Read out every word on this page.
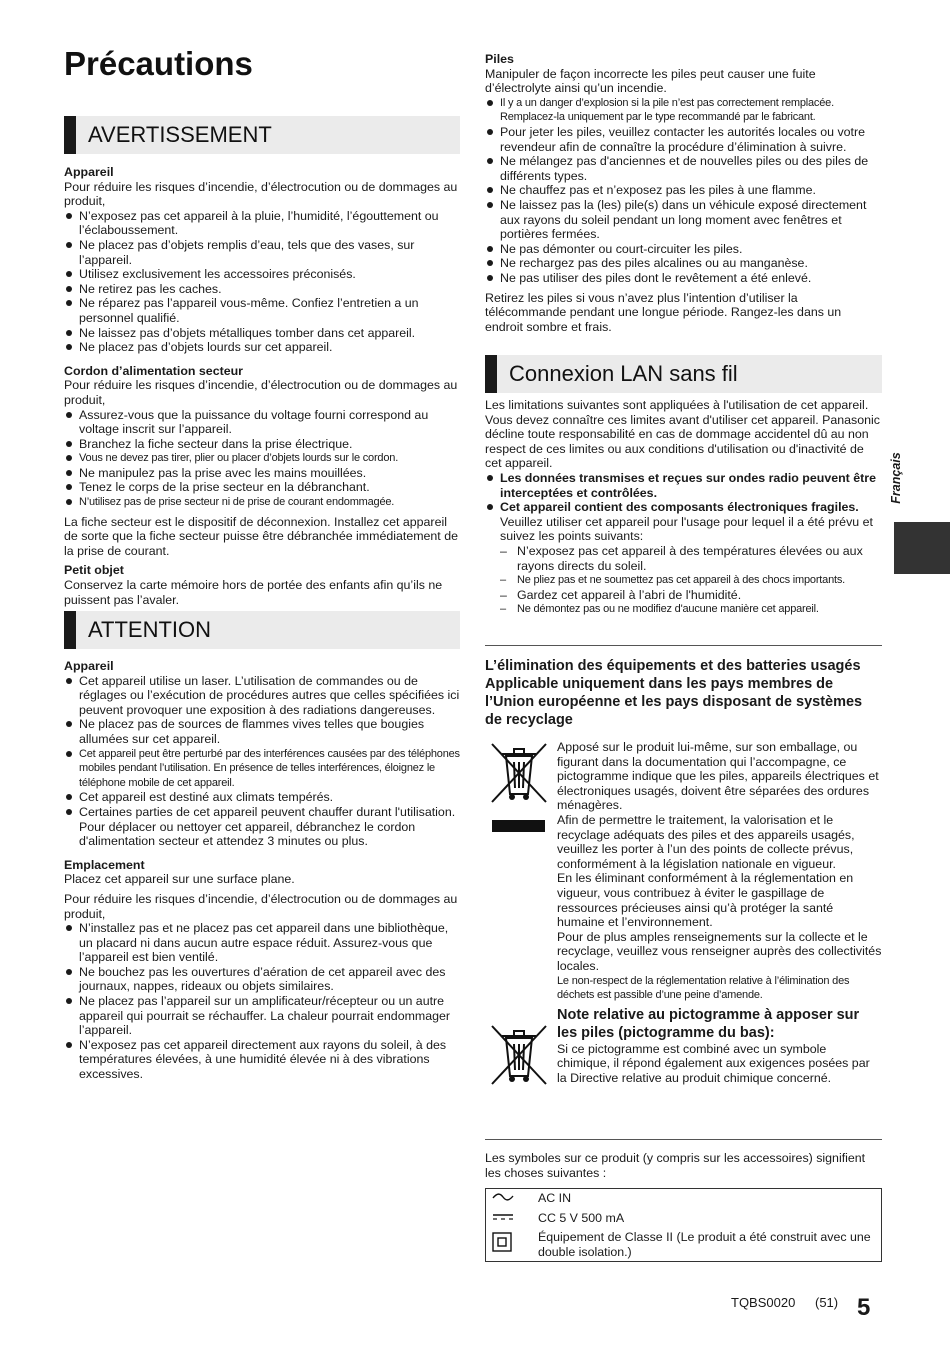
Précautions
AVERTISSEMENT
Appareil

Pour réduire les risques d’incendie, d’électrocution ou de dommages au produit,

N’exposez pas cet appareil à la pluie, l’humidité, l’égouttement ou l’éclaboussement.
Ne placez pas d’objets remplis d’eau, tels que des vases, sur l’appareil.
Utilisez exclusivement les accessoires préconisés.
Ne retirez pas les caches.
Ne réparez pas l’appareil vous-même. Confiez l’entretien a un personnel qualifié.
Ne laissez pas d’objets métalliques tomber dans cet appareil.
Ne placez pas d’objets lourds sur cet appareil.
Cordon d’alimentation secteur

Pour réduire les risques d’incendie, d’électrocution ou de dommages au produit,

Assurez-vous que la puissance du voltage fourni correspond au voltage inscrit sur l’appareil.
Branchez la fiche secteur dans la prise électrique.
Vous ne devez pas tirer, plier ou placer d’objets lourds sur le cordon.
Ne manipulez pas la prise avec les mains mouillées.
Tenez le corps de la prise secteur en la débranchant.
N’utilisez pas de prise secteur ni de prise de courant endommagée.

La fiche secteur est le dispositif de déconnexion. Installez cet appareil de sorte que la fiche secteur puisse être débranchée immédiatement de la prise de courant.

Petit objet

Conservez la carte mémoire hors de portée des enfants afin qu’ils ne puissent pas l’avaler.

ATTENTION
Appareil
Cet appareil utilise un laser. L’utilisation de commandes ou de réglages ou l’exécution de procédures autres que celles spécifiées ici peuvent provoquer une exposition à des radiations dangereuses.
Ne placez pas de sources de flammes vives telles que bougies allumées sur cet appareil.
Cet appareil peut être perturbé par des interférences causées par des téléphones mobiles pendant l’utilisation. En présence de telles interférences, éloignez le téléphone mobile de cet appareil.
Cet appareil est destiné aux climats tempérés.
Certaines parties de cet appareil peuvent chauffer durant l'utilisation. Pour déplacer ou nettoyer cet appareil, débranchez le cordon d'alimentation secteur et attendez 3 minutes ou plus.
Emplacement

Placez cet appareil sur une surface plane.

Pour réduire les risques d’incendie, d’électrocution ou de dommages au produit,

N’installez pas et ne placez pas cet appareil dans une bibliothèque, un placard ni dans aucun autre espace réduit. Assurez-vous que l’appareil est bien ventilé.
Ne bouchez pas les ouvertures d’aération de cet appareil avec des journaux, nappes, rideaux ou objets similaires.
Ne placez pas l’appareil sur un amplificateur/récepteur ou un autre appareil qui pourrait se réchauffer. La chaleur pourrait endommager l’appareil.
N’exposez pas cet appareil directement aux rayons du soleil, à des températures élevées, à une humidité élevée ni à des vibrations excessives.
Piles

Manipuler de façon incorrecte les piles peut causer une fuite d’électrolyte ainsi qu’un incendie.

Il y a un danger d’explosion si la pile n’est pas correctement remplacée. Remplacez-la uniquement par le type recommandé par le fabricant.
Pour jeter les piles, veuillez contacter les autorités locales ou votre revendeur afin de connaître la procédure d’élimination à suivre.
Ne mélangez pas d'anciennes et de nouvelles piles ou des piles de différents types.
Ne chauffez pas et n’exposez pas les piles à une flamme.
Ne laissez pas la (les) pile(s) dans un véhicule exposé directement aux rayons du soleil pendant un long moment avec fenêtres et portières fermées.
Ne pas démonter ou court-circuiter les piles.
Ne rechargez pas des piles alcalines ou au manganèse.
Ne pas utiliser des piles dont le revêtement a été enlevé.

Retirez les piles si vous n’avez plus l’intention d’utiliser la télécommande pendant une longue période. Rangez-les dans un endroit sombre et frais.

Connexion LAN sans fil

Les limitations suivantes sont appliquées à l'utilisation de cet appareil. Vous devez connaître ces limites avant d'utiliser cet appareil. Panasonic décline toute responsabilité en cas de dommage accidentel dû au non respect de ces limites ou aux conditions d'utilisation ou d'inactivité de cet appareil.

Les données transmises et reçues sur ondes radio peuvent être interceptées et contrôlées.
Cet appareil contient des composants électroniques fragiles.
Veuillez utiliser cet appareil pour l'usage pour lequel il a été prévu et suivez les points suivants:
– N’exposez pas cet appareil à des températures élevées ou aux rayons directs du soleil.
– Ne pliez pas et ne soumettez pas cet appareil à des chocs importants.
– Gardez cet appareil à l’abri de l'humidité.
– Ne démontez pas ou ne modifiez d'aucune manière cet appareil.
L’élimination des équipements et des batteries usagés Applicable uniquement dans les pays membres de l’Union européenne et les pays disposant de systèmes de recyclage

Apposé sur le produit lui-même, sur son emballage, ou figurant dans la documentation qui l’accompagne, ce pictogramme indique que les piles, appareils électriques et électroniques usagés, doivent être séparées des ordures ménagères.

Afin de permettre le traitement, la valorisation et le recyclage adéquats des piles et des appareils usagés, veuillez les porter à l’un des points de collecte prévus, conformément à la législation nationale en vigueur.

En les éliminant conformément à la réglementation en vigueur, vous contribuez à éviter le gaspillage de ressources précieuses ainsi qu’à protéger la santé humaine et l’environnement.

Pour de plus amples renseignements sur la collecte et le recyclage, veuillez vous renseigner auprès des collectivités locales.

Le non-respect de la réglementation relative à l’élimination des déchets est passible d’une peine d’amende.

Note relative au pictogramme à apposer sur les piles (pictogramme du bas):

Si ce pictogramme est combiné avec un symbole chimique, il répond également aux exigences posées par la Directive relative au produit chimique concerné.

Les symboles sur ce produit (y compris sur les accessoires) signifient les choses suivantes :
	AC IN
	CC 5 V 500 mA
	Équipement de Classe II (Le produit a été construit avec une double isolation.)
Français
TQBS0020 (51) 5
